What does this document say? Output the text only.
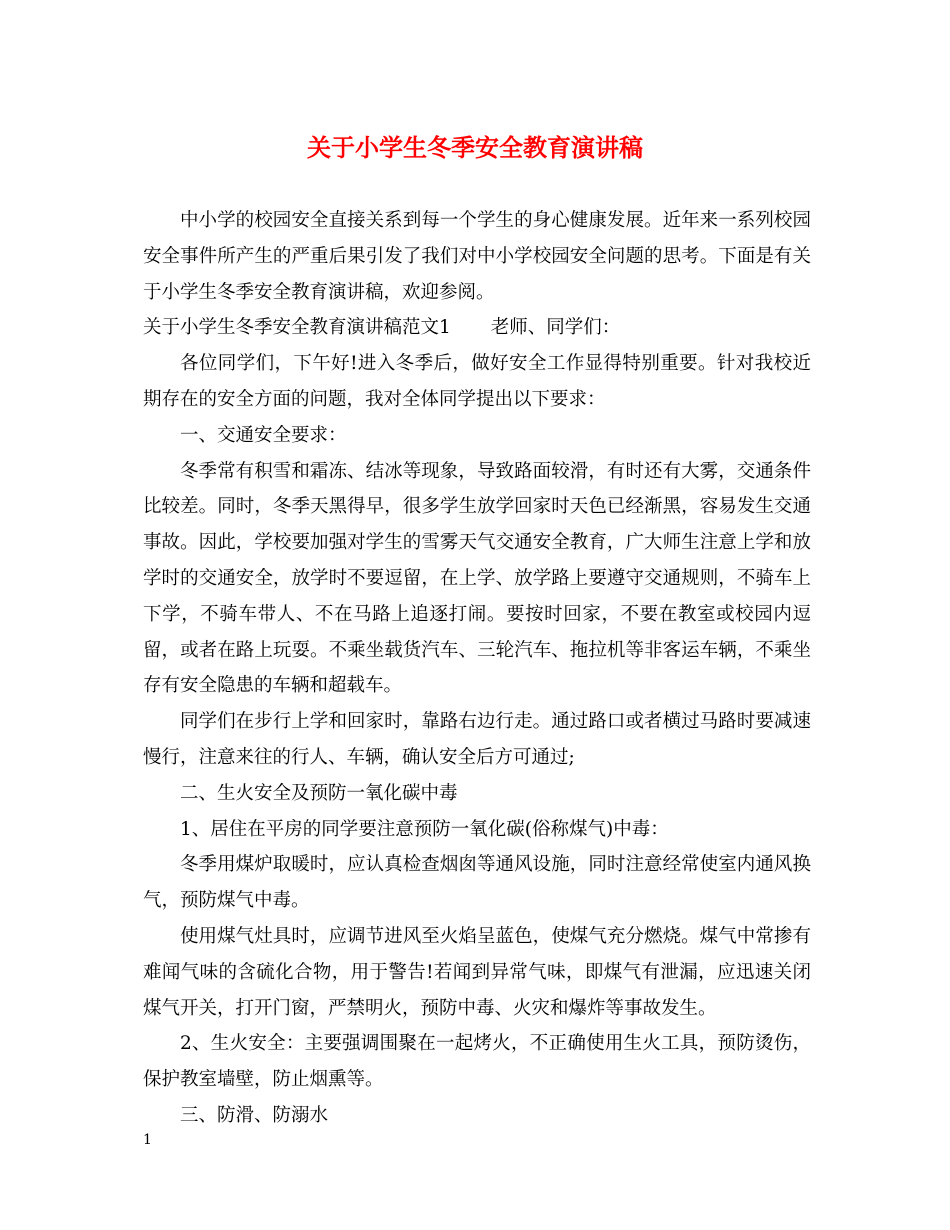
关于小学生冬季安全教育演讲稿

中小学的校园安全直接关系到每一个学生的身心健康发展。近年来一系列校园安全事件所产生的严重后果引发了我们对中小学校园安全问题的思考。下面是有关于小学生冬季安全教育演讲稿，欢迎参阅。

关于小学生冬季安全教育演讲稿范文1 老师、同学们：

各位同学们，下午好!进入冬季后，做好安全工作显得特别重要。针对我校近期存在的安全方面的问题，我对全体同学提出以下要求：

一、交通安全要求：

冬季常有积雪和霜冻、结冰等现象，导致路面较滑，有时还有大雾，交通条件比较差。同时，冬季天黑得早，很多学生放学回家时天色已经渐黑，容易发生交通事故。因此，学校要加强对学生的雪雾天气交通安全教育，广大师生注意上学和放学时的交通安全，放学时不要逗留，在上学、放学路上要遵守交通规则，不骑车上下学，不骑车带人、不在马路上追逐打闹。要按时回家，不要在教室或校园内逗留，或者在路上玩耍。不乘坐载货汽车、三轮汽车、拖拉机等非客运车辆，不乘坐存有安全隐患的车辆和超载车。

同学们在步行上学和回家时，靠路右边行走。通过路口或者横过马路时要减速慢行，注意来往的行人、车辆，确认安全后方可通过;

二、生火安全及预防一氧化碳中毒

1、居住在平房的同学要注意预防一氧化碳(俗称煤气)中毒：

冬季用煤炉取暖时，应认真检查烟囱等通风设施，同时注意经常使室内通风换气，预防煤气中毒。

使用煤气灶具时，应调节进风至火焰呈蓝色，使煤气充分燃烧。煤气中常掺有难闻气味的含硫化合物，用于警告!若闻到异常气味，即煤气有泄漏，应迅速关闭煤气开关，打开门窗，严禁明火，预防中毒、火灾和爆炸等事故发生。

2、生火安全：主要强调围聚在一起烤火，不正确使用生火工具，预防烫伤，保护教室墙壁，防止烟熏等。

三、防滑、防溺水

1
